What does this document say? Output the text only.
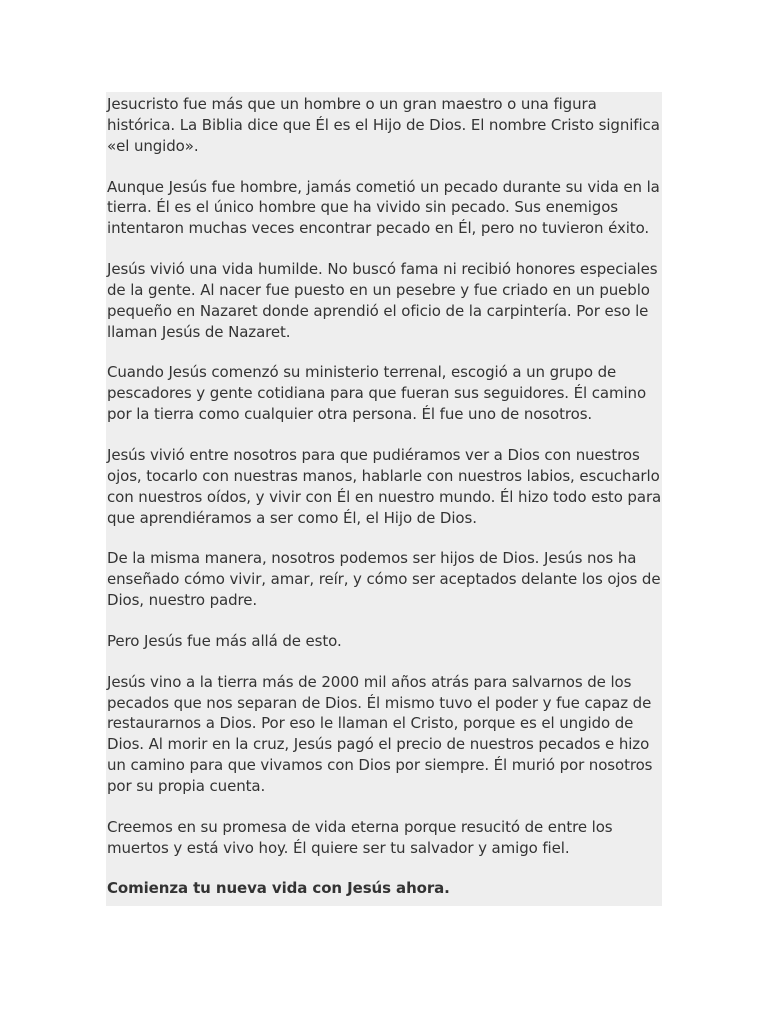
Jesucristo fue más que un hombre o un gran maestro o una figura histórica. La Biblia dice que Él es el Hijo de Dios. El nombre Cristo significa «el ungido».

Aunque Jesús fue hombre, jamás cometió un pecado durante su vida en la tierra. Él es el único hombre que ha vivido sin pecado. Sus enemigos intentaron muchas veces encontrar pecado en Él, pero no tuvieron éxito.

Jesús vivió una vida humilde. No buscó fama ni recibió honores especiales de la gente. Al nacer fue puesto en un pesebre y fue criado en un pueblo pequeño en Nazaret donde aprendió el oficio de la carpintería. Por eso le llaman Jesús de Nazaret.

Cuando Jesús comenzó su ministerio terrenal, escogió a un grupo de pescadores y gente cotidiana para que fueran sus seguidores. Él camino por la tierra como cualquier otra persona. Él fue uno de nosotros.

Jesús vivió entre nosotros para que pudiéramos ver a Dios con nuestros ojos, tocarlo con nuestras manos, hablarle con nuestros labios, escucharlo con nuestros oídos, y vivir con Él en nuestro mundo. Él hizo todo esto para que aprendiéramos a ser como Él, el Hijo de Dios.

De la misma manera, nosotros podemos ser hijos de Dios. Jesús nos ha enseñado cómo vivir, amar, reír, y cómo ser aceptados delante los ojos de Dios, nuestro padre.

Pero Jesús fue más allá de esto.

Jesús vino a la tierra más de 2000 mil años atrás para salvarnos de los pecados que nos separan de Dios. Él mismo tuvo el poder y fue capaz de restaurarnos a Dios. Por eso le llaman el Cristo, porque es el ungido de Dios. Al morir en la cruz, Jesús pagó el precio de nuestros pecados e hizo un camino para que vivamos con Dios por siempre. Él murió por nosotros por su propia cuenta.

Creemos en su promesa de vida eterna porque resucitó de entre los muertos y está vivo hoy. Él quiere ser tu salvador y amigo fiel.

Comienza tu nueva vida con Jesús ahora.
